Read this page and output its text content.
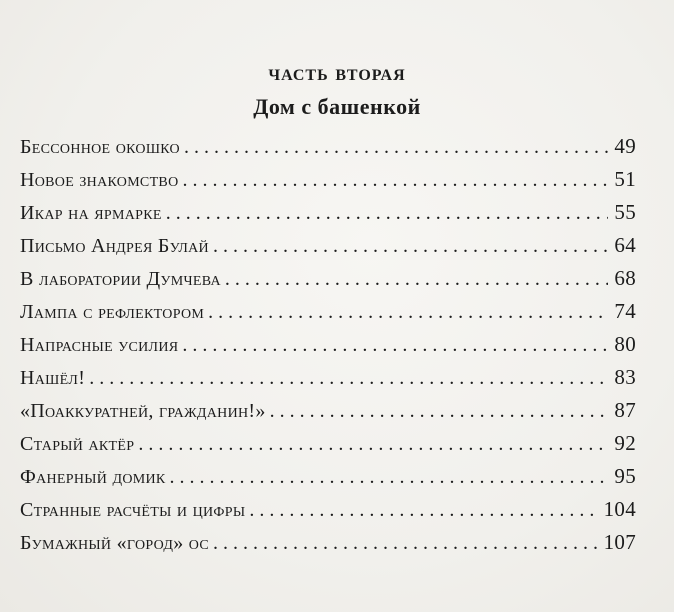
часть вторая
Дом с башенкой
Бессонное окошко . . .	49
Новое знакомство . . .	51
Икар на ярмарке . . .	55
Письмо Андрея Булай . . .	64
В лаборатории Думчева . . .	68
Лампа с рефлектором . . .	74
Напрасные усилия . . .	80
Нашёл! . . .	83
«Поаккуратней, гражданин!» . . .	87
Старый актёр . . .	92
Фанерный домик . . .	95
Странные расчёты и цифры . . .	104
Бумажный «город» ос . . .	107
